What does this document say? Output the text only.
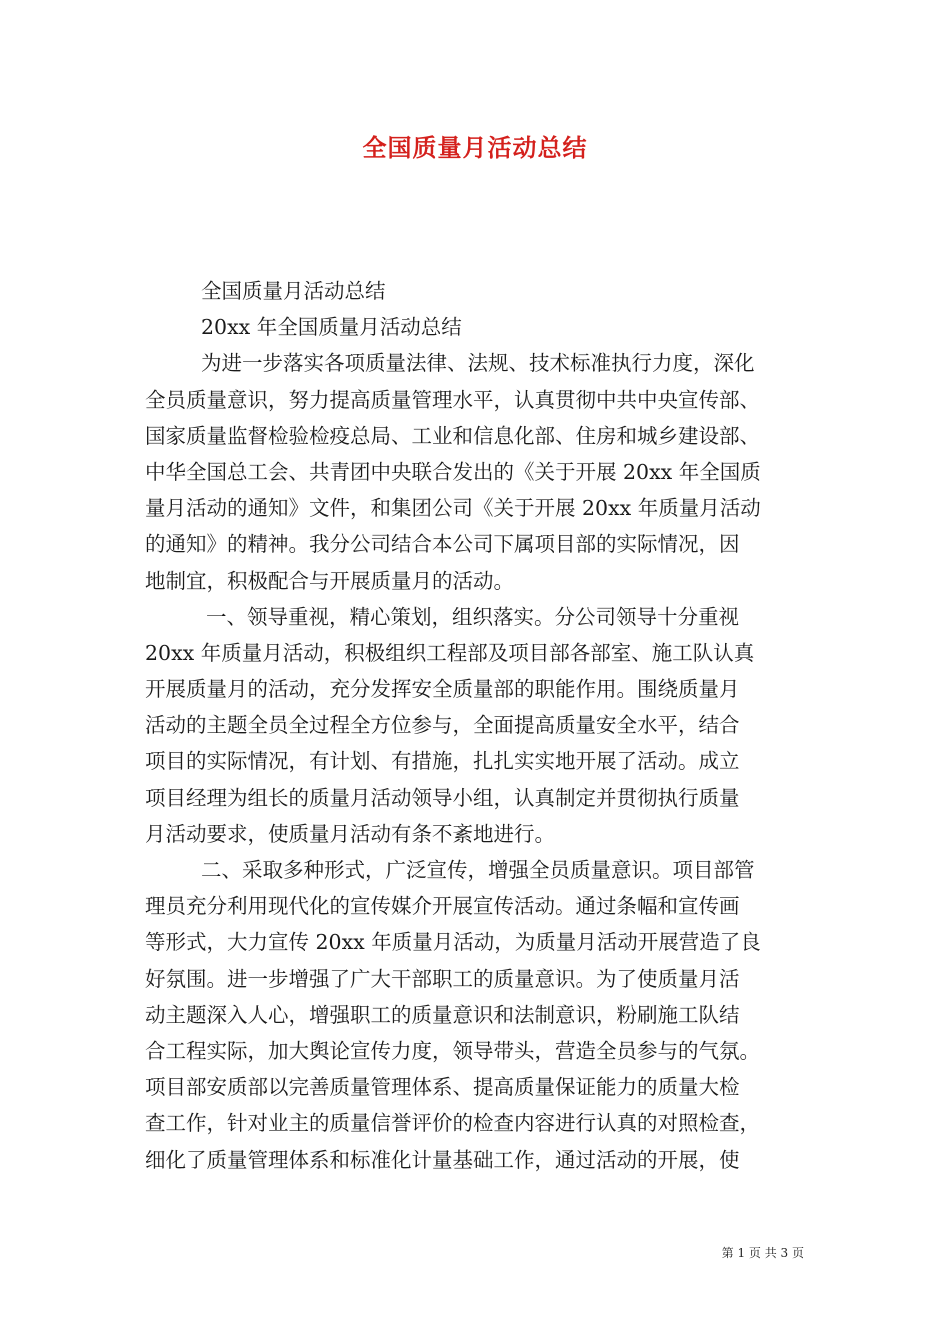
全国质量月活动总结
全国质量月活动总结
20xx 年全国质量月活动总结
为进一步落实各项质量法律、法规、技术标准执行力度，深化
全员质量意识，努力提高质量管理水平，认真贯彻中共中央宣传部、
国家质量监督检验检疫总局、工业和信息化部、住房和城乡建设部、
中华全国总工会、共青团中央联合发出的《关于开展 20xx 年全国质
量月活动的通知》文件，和集团公司《关于开展 20xx 年质量月活动
的通知》的精神。我分公司结合本公司下属项目部的实际情况，因
地制宜，积极配合与开展质量月的活动。
一、领导重视，精心策划，组织落实。分公司领导十分重视
20xx 年质量月活动，积极组织工程部及项目部各部室、施工队认真
开展质量月的活动，充分发挥安全质量部的职能作用。围绕质量月
活动的主题全员全过程全方位参与，全面提高质量安全水平，结合
项目的实际情况，有计划、有措施，扎扎实实地开展了活动。成立
项目经理为组长的质量月活动领导小组，认真制定并贯彻执行质量
月活动要求，使质量月活动有条不紊地进行。
二、采取多种形式，广泛宣传，增强全员质量意识。项目部管
理员充分利用现代化的宣传媒介开展宣传活动。通过条幅和宣传画
等形式，大力宣传 20xx 年质量月活动，为质量月活动开展营造了良
好氛围。进一步增强了广大干部职工的质量意识。为了使质量月活
动主题深入人心，增强职工的质量意识和法制意识，粉刷施工队结
合工程实际，加大舆论宣传力度，领导带头，营造全员参与的气氛。
项目部安质部以完善质量管理体系、提高质量保证能力的质量大检
查工作，针对业主的质量信誉评价的检查内容进行认真的对照检查，
细化了质量管理体系和标准化计量基础工作，通过活动的开展，使
第 1 页 共 3 页
